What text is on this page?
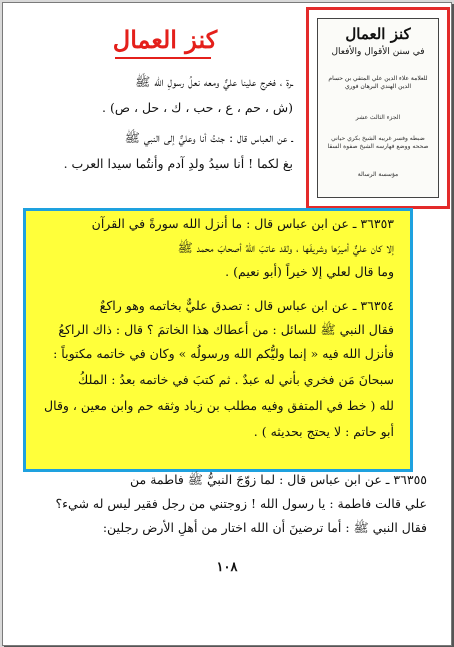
كنز العمال	كنز العمال
في سنن الأقوال والأفعال
للعلامة علاء الدين علي المتقي بن حسام الدين الهندي البرهان فوري
الجزء الثالث عشر
ضبطه وفسر غريبه الشيخ بكري حياني صححه ووضع فهارسه الشيخ صفوة السقا
مؤسسة الرسالة
ـرة ، فخرج علينا عليٌّ ومعه نعلُ رسولِ الله ﷺ
(ش ، حم ، ع ، حب ، ك ، حل ، ص) .
ـ عن العباس قال : جئتُ أنا وعليٌّ إلى النبي ﷺ
بغ لكما ! أنا سيدُ ولدِ آدم وأنتُما سيدا العرب .
٣٦٣٥٣ ـ عن ابن عباس قال : ما أنزل الله سورةً في القرآن
إلا كان عليٌّ أميرَها وشريفَها ، ولقد عاتبَ اللهُ أصحابَ محمد ﷺ
وما قال لعلي إلا خيراً (أبو نعيم) .
٣٦٣٥٤ ـ عن ابن عباس قال : تصدق عليٌّ بخاتمه وهو راكعٌ
فقال النبي ﷺ للسائل : من أعطاك هذا الخاتمَ ؟ قال : ذاك الراكعُ
فأنزل الله فيه « إنما وليُّكم الله ورسولُه » وكان في خاتمه مكتوباً :
سبحانَ مَن فخري بأني له عبدٌ . ثم كتبَ في خاتمه بعدُ : الملكُ
لله ( خط في المتفق وفيه مطلب بن زياد وثقه حم وابن معين ، وقال
أبو حاتم : لا يحتج بحديثه ) .
٣٦٣٥٥ ـ عن ابن عباس قال : لما زوّجَ النبيُّ ﷺ فاطمة من
علي قالت فاطمة : يا رسول الله ! زوجتني من رجل فقير ليس له شيء؟
فقال النبي ﷺ : أما ترضينَ أن الله اختار من أهلِ الأرض رجلين:
١٠٨
